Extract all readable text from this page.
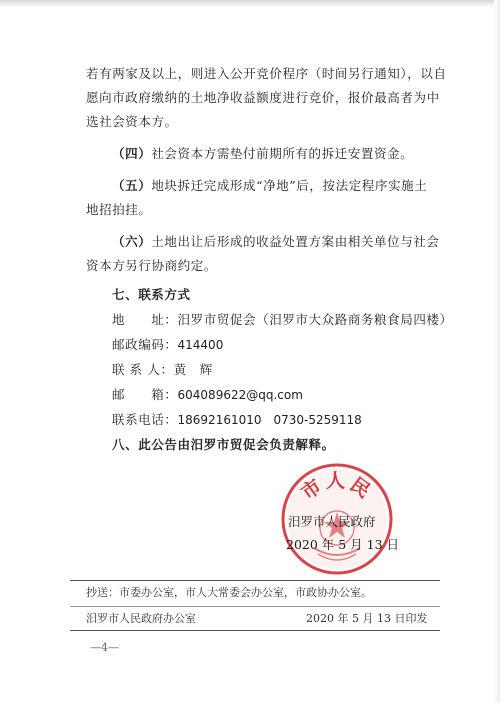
若有两家及以上，则进入公开竞价程序（时间另行通知），以自
愿向市政府缴纳的土地净收益额度进行竞价，报价最高者为中
选社会资本方。
（四）社会资本方需垫付前期所有的拆迁安置资金。
（五）地块拆迁完成形成“净地”后，按法定程序实施土
地招拍挂。
（六）土地出让后形成的收益处置方案由相关单位与社会
资本方另行协商约定。
七、联系方式
地　　址：汨罗市贸促会（汨罗市大众路商务粮食局四楼）
邮政编码：414400
联 系 人：黄　辉
邮　　箱：604089622@qq.com
联系电话：18692161010　0730-5259118
八、此公告由汨罗市贸促会负责解释。
市人民
汨罗市人民政府
2020 年 5 月 13 日
抄送：市委办公室，市人大常委会办公室，市政协办公室。
汨罗市人民政府办公室	2020 年 5 月 13 日印发
—4—
